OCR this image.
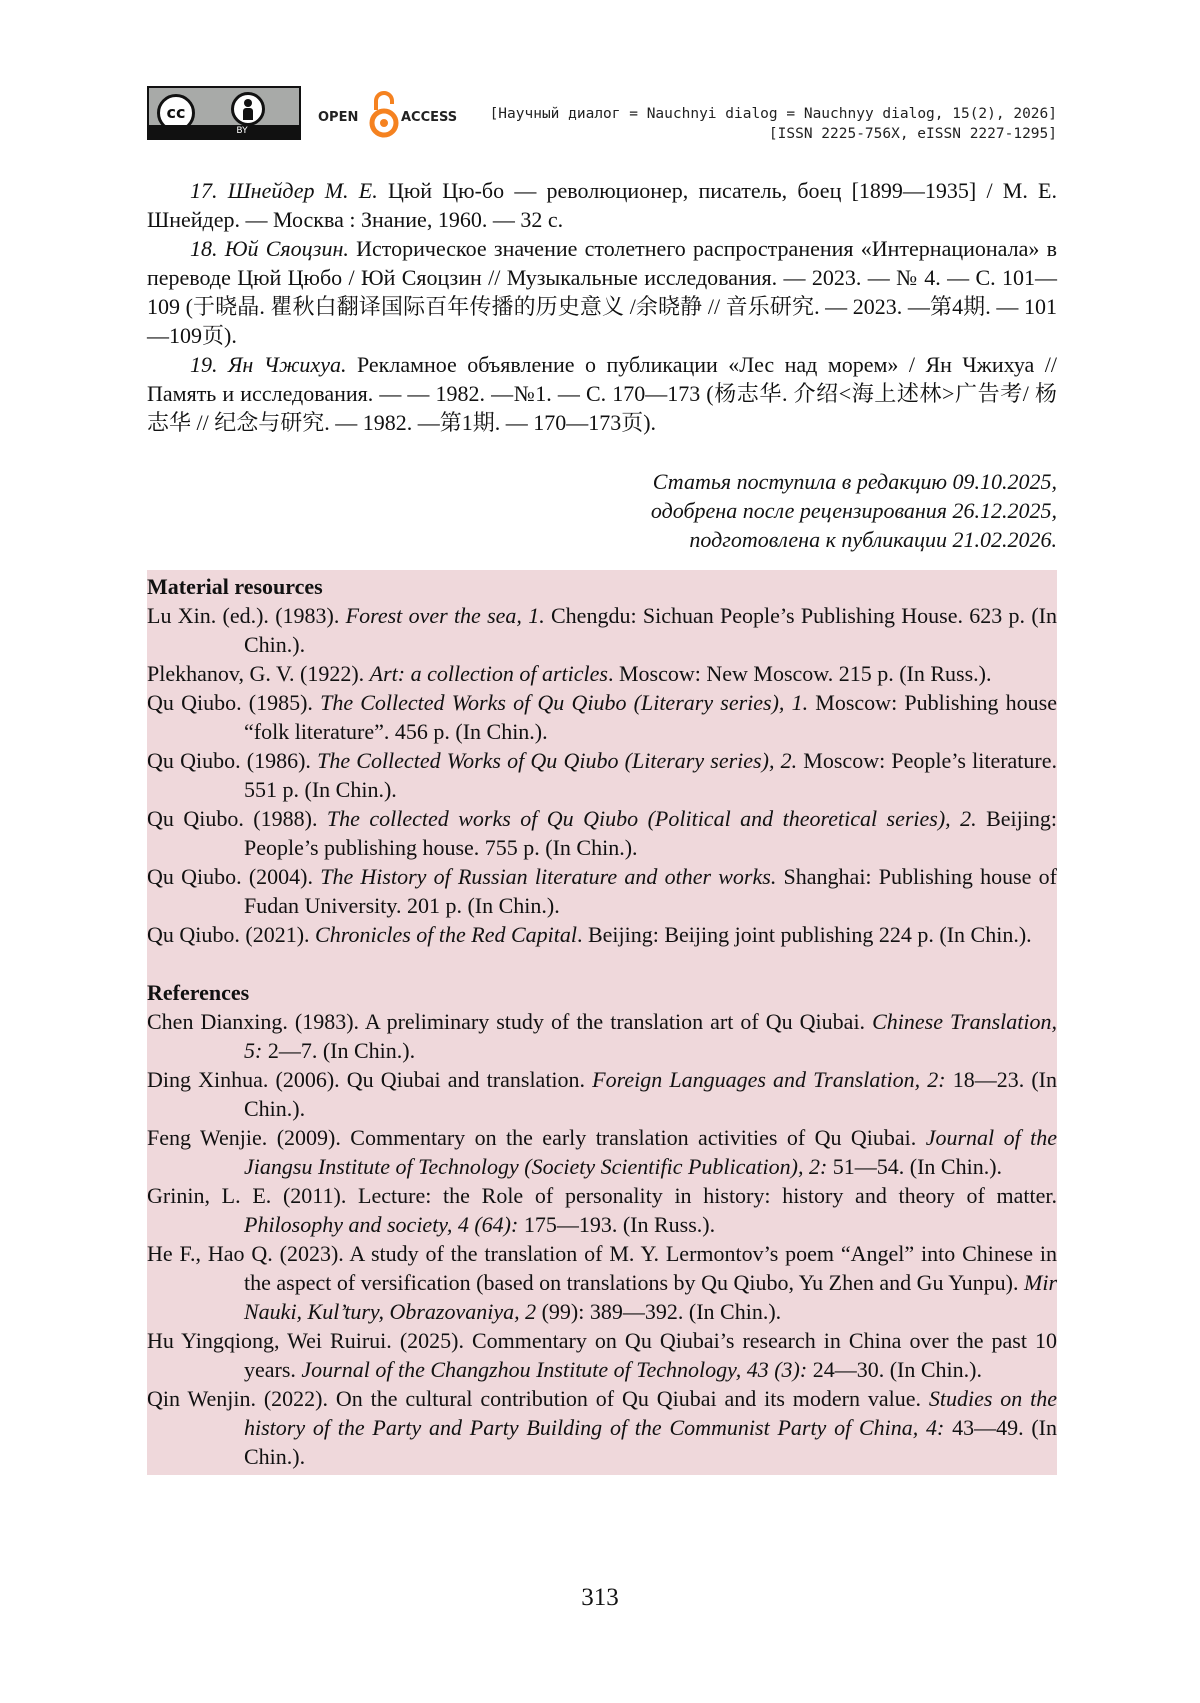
cc
BY
OPEN	ACCESS [Научный диалог = Nauchnyi dialog = Nauchnyy dialog, 15(2), 2026]
[ISSN 2225-756X, eISSN 2227-1295]

17. Шнейдер М. Е. Цюй Цю-бо — революционер, писатель, боец [1899—1935] / М. Е. Шнейдер. — Москва : Знание, 1960. — 32 с.

18. Юй Сяоцзин. Историческое значение столетнего распространения «Интернационала» в переводе Цюй Цюбо / Юй Сяоцзин // Музыкальные исследования. — 2023. — № 4. — С. 101—109 (于晓晶. 瞿秋白翻译国际百年传播的历史意义 /余晓静 // 音乐研究. — 2023. —第4期. — 101—109页).

19. Ян Чжихуа. Рекламное объявление о публикации «Лес над морем» / Ян Чжихуа // Память и исследования. — — 1982. —№1. — С. 170—173 (杨志华. 介绍<海上述林>广告考/ 杨志华 // 纪念与研究. — 1982. —第1期. — 170—173页).

Статья поступила в редакцию 09.10.2025,
одобрена после рецензирования 26.12.2025,
подготовлена к публикации 21.02.2026.
Material resources

Lu Xin. (ed.). (1983). Forest over the sea, 1. Chengdu: Sichuan People’s Publishing House. 623 p. (In Chin.).

Plekhanov, G. V. (1922). Art: a collection of articles. Moscow: New Moscow. 215 p. (In Russ.).

Qu Qiubo. (1985). The Collected Works of Qu Qiubo (Literary series), 1. Moscow: Publishing house “folk literature”. 456 p. (In Chin.).

Qu Qiubo. (1986). The Collected Works of Qu Qiubo (Literary series), 2. Moscow: People’s literature. 551 p. (In Chin.).

Qu Qiubo. (1988). The collected works of Qu Qiubo (Political and theoretical series), 2. Beijing: People’s publishing house. 755 p. (In Chin.).

Qu Qiubo. (2004). The History of Russian literature and other works. Shanghai: Publishing house of Fudan University. 201 p. (In Chin.).

Qu Qiubo. (2021). Chronicles of the Red Capital. Beijing: Beijing joint publishing 224 p. (In Chin.).

References

Chen Dianxing. (1983). A preliminary study of the translation art of Qu Qiubai. Chinese Translation, 5: 2—7. (In Chin.).

Ding Xinhua. (2006). Qu Qiubai and translation. Foreign Languages and Translation, 2: 18—23. (In Chin.).

Feng Wenjie. (2009). Commentary on the early translation activities of Qu Qiubai. Journal of the Jiangsu Institute of Technology (Society Scientific Publication), 2: 51—54. (In Chin.).

Grinin, L. E. (2011). Lecture: the Role of personality in history: history and theory of matter. Philosophy and society, 4 (64): 175—193. (In Russ.).

He F., Hao Q. (2023). A study of the translation of M. Y. Lermontov’s poem “Angel” into Chinese in the aspect of versification (based on translations by Qu Qiubo, Yu Zhen and Gu Yunpu). Mir Nauki, Kul’tury, Obrazovaniya, 2 (99): 389—392. (In Chin.).

Hu Yingqiong, Wei Ruirui. (2025). Commentary on Qu Qiubai’s research in China over the past 10 years. Journal of the Changzhou Institute of Technology, 43 (3): 24—30. (In Chin.).

Qin Wenjin. (2022). On the cultural contribution of Qu Qiubai and its modern value. Studies on the history of the Party and Party Building of the Communist Party of China, 4: 43—49. (In Chin.).

313
